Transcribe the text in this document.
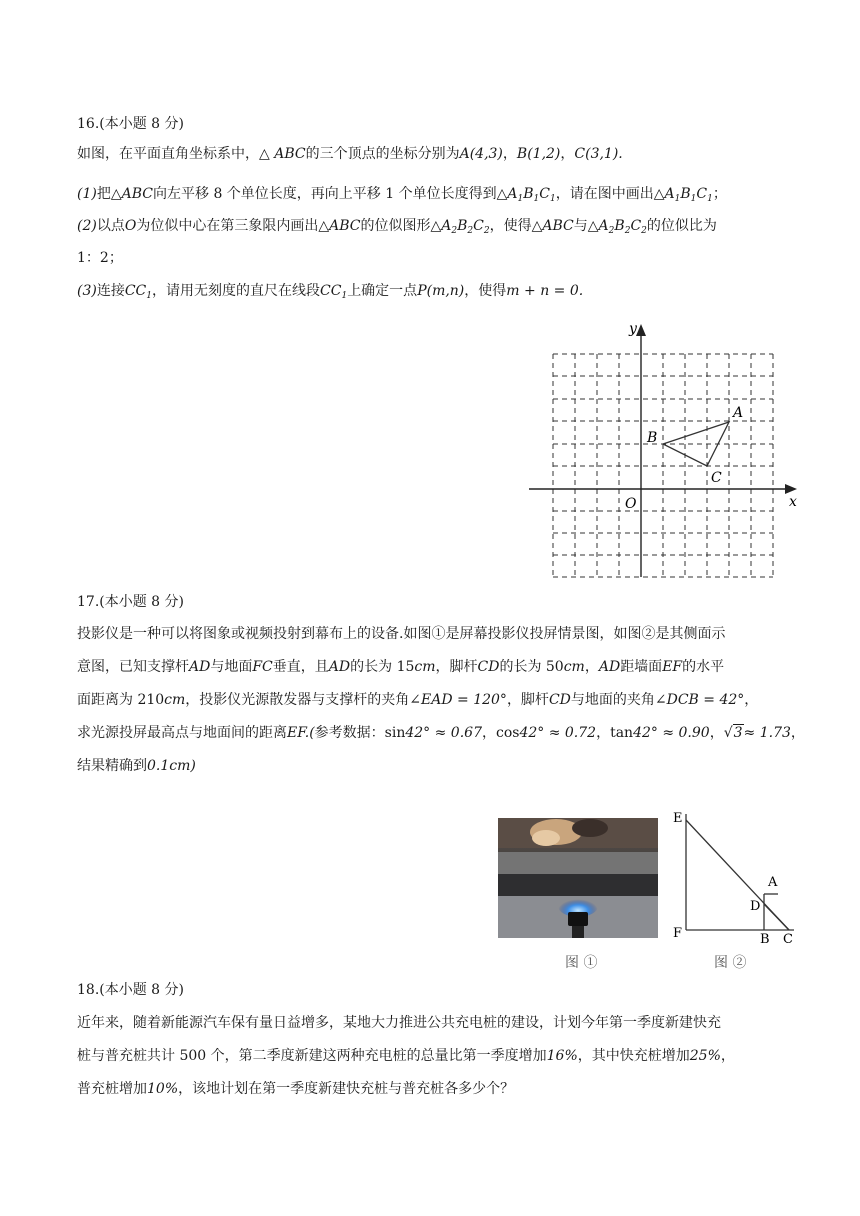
16.(本小题 8 分)
如图，在平面直角坐标系中，△ ABC的三个顶点的坐标分别为A(4,3)，B(1,2)，C(3,1).
(1)把△ABC向左平移 8 个单位长度，再向上平移 1 个单位长度得到$\triangle A_1B_1C_1$，请在图中画出$\triangle A_1B_1C_1$；
(2)以点O为位似中心在第三象限内画出△ABC的位似图形$\triangle A_2B_2C_2$，使得△ABC与$\triangle A_2B_2C_2$的位似比为
1：2；
(3)连接$CC_1$，请用无刻度的直尺在线段$CC_1$上确定一点P(m,n)，使得m + n = 0.
y
x
O
A
B
C
17.(本小题 8 分)
投影仪是一种可以将图象或视频投射到幕布上的设备.如图①是屏幕投影仪投屏情景图，如图②是其侧面示
意图，已知支撑杆AD与地面FC垂直，且AD的长为 15cm，脚杆CD的长为 50cm，AD距墙面EF的水平
面距离为 210cm，投影仪光源散发器与支撑杆的夹角∠EAD = 120°，脚杆CD与地面的夹角∠DCB = 42°，
求光源投屏最高点与地面间的距离EF.(参考数据：sin42° ≈ 0.67，cos42° ≈ 0.72，tan42° ≈ 0.90，√3≈ 1.73，
结果精确到0.1cm)
E
A
D
F	B C
图 ①	图 ②
18.(本小题 8 分)
近年来，随着新能源汽车保有量日益增多，某地大力推进公共充电桩的建设，计划今年第一季度新建快充
桩与普充桩共计 500 个，第二季度新建这两种充电桩的总量比第一季度增加16%，其中快充桩增加25%，
普充桩增加10%，该地计划在第一季度新建快充桩与普充桩各多少个？
